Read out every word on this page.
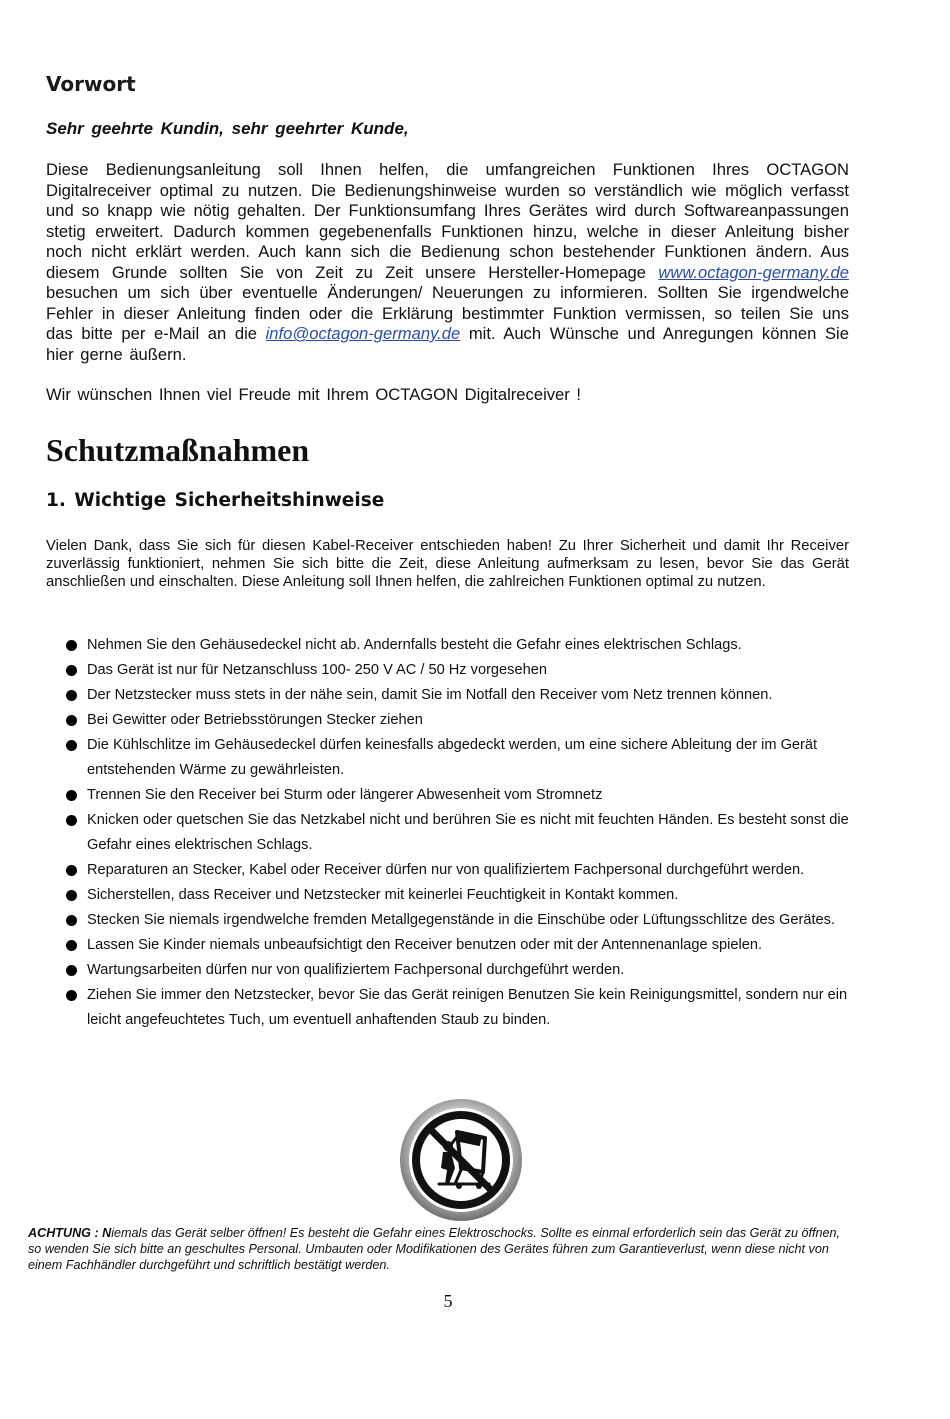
Vorwort
Sehr geehrte Kundin, sehr geehrter Kunde,

Diese Bedienungsanleitung soll Ihnen helfen, die umfangreichen Funktionen Ihres OCTAGON Digitalreceiver optimal zu nutzen. Die Bedienungshinweise wurden so verständlich wie möglich verfasst und so knapp wie nötig gehalten. Der Funktionsumfang Ihres Gerätes wird durch Softwareanpassungen stetig erweitert. Dadurch kommen gegebenenfalls Funktionen hinzu, welche in dieser Anleitung bisher noch nicht erklärt werden. Auch kann sich die Bedienung schon bestehender Funktionen ändern. Aus diesem Grunde sollten Sie von Zeit zu Zeit unsere Hersteller-Homepage www.octagon-germany.de besuchen um sich über eventuelle Änderungen/ Neuerungen zu informieren. Sollten Sie irgendwelche Fehler in dieser Anleitung finden oder die Erklärung bestimmter Funktion vermissen, so teilen Sie uns das bitte per e-Mail an die info@octagon-germany.de mit. Auch Wünsche und Anregungen können Sie hier gerne äußern.

Wir wünschen Ihnen viel Freude mit Ihrem OCTAGON Digitalreceiver !
Schutzmaßnahmen
1. Wichtige Sicherheitshinweise

Vielen Dank, dass Sie sich für diesen Kabel-Receiver entschieden haben! Zu Ihrer Sicherheit und damit Ihr Receiver zuverlässig funktioniert, nehmen Sie sich bitte die Zeit, diese Anleitung aufmerksam zu lesen, bevor Sie das Gerät anschließen und einschalten. Diese Anleitung soll Ihnen helfen, die zahlreichen Funktionen optimal zu nutzen.

Nehmen Sie den Gehäusedeckel nicht ab. Andernfalls besteht die Gefahr eines elektrischen Schlags.
Das Gerät ist nur für Netzanschluss 100- 250 V AC / 50 Hz vorgesehen
Der Netzstecker muss stets in der nähe sein, damit Sie im Notfall den Receiver vom Netz trennen können.
Bei Gewitter oder Betriebsstörungen Stecker ziehen
Die Kühlschlitze im Gehäusedeckel dürfen keinesfalls abgedeckt werden, um eine sichere Ableitung der im Gerät entstehenden Wärme zu gewährleisten.
Trennen Sie den Receiver bei Sturm oder längerer Abwesenheit vom Stromnetz
Knicken oder quetschen Sie das Netzkabel nicht und berühren Sie es nicht mit feuchten Händen. Es besteht sonst die Gefahr eines elektrischen Schlags.
Reparaturen an Stecker, Kabel oder Receiver dürfen nur von qualifiziertem Fachpersonal durchgeführt werden.
Sicherstellen, dass Receiver und Netzstecker mit keinerlei Feuchtigkeit in Kontakt kommen.
Stecken Sie niemals irgendwelche fremden Metallgegenstände in die Einschübe oder Lüftungsschlitze des Gerätes.
Lassen Sie Kinder niemals unbeaufsichtigt den Receiver benutzen oder mit der Antennenanlage spielen.
Wartungsarbeiten dürfen nur von qualifiziertem Fachpersonal durchgeführt werden.
Ziehen Sie immer den Netzstecker, bevor Sie das Gerät reinigen Benutzen Sie kein Reinigungsmittel, sondern nur ein leicht angefeuchtetes Tuch, um eventuell anhaftenden Staub zu binden.

ACHTUNG : Niemals das Gerät selber öffnen! Es besteht die Gefahr eines Elektroschocks. Sollte es einmal erforderlich sein das Gerät zu öffnen, so wenden Sie sich bitte an geschultes Personal. Umbauten oder Modifikationen des Gerätes führen zum Garantieverlust, wenn diese nicht von einem Fachhändler durchgeführt und schriftlich bestätigt werden.

5
